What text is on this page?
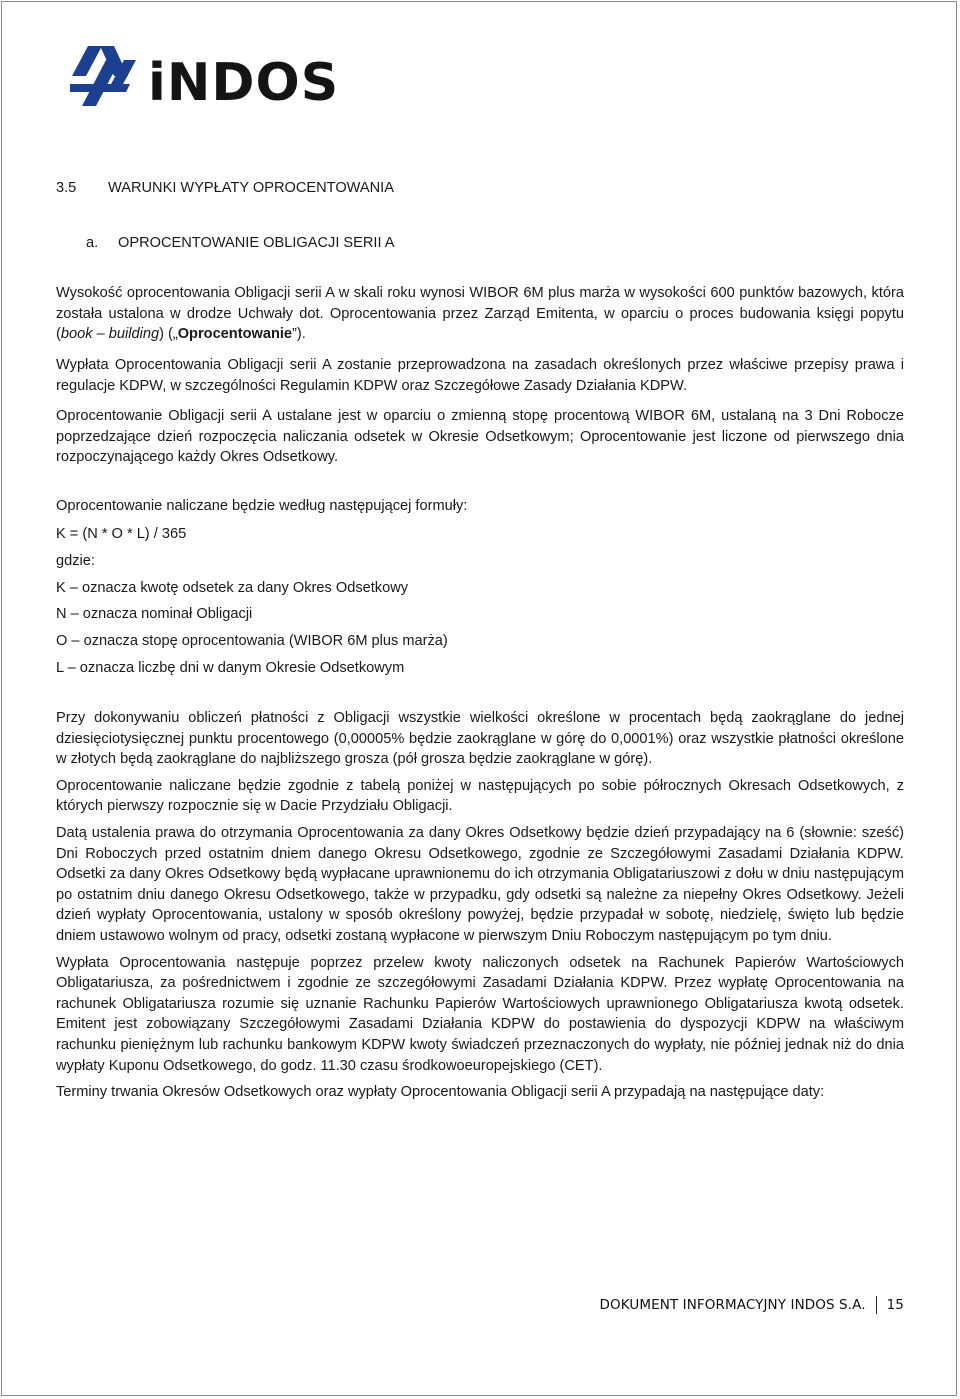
iNDOS
3.5	WARUNKI WYPŁATY OPROCENTOWANIA
a.	OPROCENTOWANIE OBLIGACJI SERII A

Wysokość oprocentowania Obligacji serii A w skali roku wynosi WIBOR 6M plus marża w wysokości 600 punktów bazowych, która została ustalona w drodze Uchwały dot. Oprocentowania przez Zarząd Emitenta, w oparciu o proces budowania księgi popytu (book – building) („Oprocentowanie”).

Wypłata Oprocentowania Obligacji serii A zostanie przeprowadzona na zasadach określonych przez właściwe przepisy prawa i regulacje KDPW, w szczególności Regulamin KDPW oraz Szczegółowe Zasady Działania KDPW.

Oprocentowanie Obligacji serii A ustalane jest w oparciu o zmienną stopę procentową WIBOR 6M, ustalaną na 3 Dni Robocze poprzedzające dzień rozpoczęcia naliczania odsetek w Okresie Odsetkowym; Oprocentowanie jest liczone od pierwszego dnia rozpoczynającego każdy Okres Odsetkowy.

Oprocentowanie naliczane będzie według następującej formuły:

K = (N * O * L) / 365

gdzie:

K – oznacza kwotę odsetek za dany Okres Odsetkowy

N – oznacza nominał Obligacji

O – oznacza stopę oprocentowania (WIBOR 6M plus marża)

L – oznacza liczbę dni w danym Okresie Odsetkowym

Przy dokonywaniu obliczeń płatności z Obligacji wszystkie wielkości określone w procentach będą zaokrąglane do jednej dziesięciotysięcznej punktu procentowego (0,00005% będzie zaokrąglane w górę do 0,0001%) oraz wszystkie płatności określone w złotych będą zaokrąglane do najbliższego grosza (pół grosza będzie zaokrąglane w górę).

Oprocentowanie naliczane będzie zgodnie z tabelą poniżej w następujących po sobie półrocznych Okresach Odsetkowych, z których pierwszy rozpocznie się w Dacie Przydziału Obligacji.

Datą ustalenia prawa do otrzymania Oprocentowania za dany Okres Odsetkowy będzie dzień przypadający na 6 (słownie: sześć) Dni Roboczych przed ostatnim dniem danego Okresu Odsetkowego, zgodnie ze Szczegółowymi Zasadami Działania KDPW. Odsetki za dany Okres Odsetkowy będą wypłacane uprawnionemu do ich otrzymania Obligatariuszowi z dołu w dniu następującym po ostatnim dniu danego Okresu Odsetkowego, także w przypadku, gdy odsetki są należne za niepełny Okres Odsetkowy. Jeżeli dzień wypłaty Oprocentowania, ustalony w sposób określony powyżej, będzie przypadał w sobotę, niedzielę, święto lub będzie dniem ustawowo wolnym od pracy, odsetki zostaną wypłacone w pierwszym Dniu Roboczym następującym po tym dniu.

Wypłata Oprocentowania następuje poprzez przelew kwoty naliczonych odsetek na Rachunek Papierów Wartościowych Obligatariusza, za pośrednictwem i zgodnie ze szczegółowymi Zasadami Działania KDPW. Przez wypłatę Oprocentowania na rachunek Obligatariusza rozumie się uznanie Rachunku Papierów Wartościowych uprawnionego Obligatariusza kwotą odsetek. Emitent jest zobowiązany Szczegółowymi Zasadami Działania KDPW do postawienia do dyspozycji KDPW na właściwym rachunku pieniężnym lub rachunku bankowym KDPW kwoty świadczeń przeznaczonych do wypłaty, nie później jednak niż do dnia wypłaty Kuponu Odsetkowego, do godz. 11.30 czasu środkowoeuropejskiego (CET).

Terminy trwania Okresów Odsetkowych oraz wypłaty Oprocentowania Obligacji serii A przypadają na następujące daty:

DOKUMENT INFORMACYJNY INDOS S.A. 15
